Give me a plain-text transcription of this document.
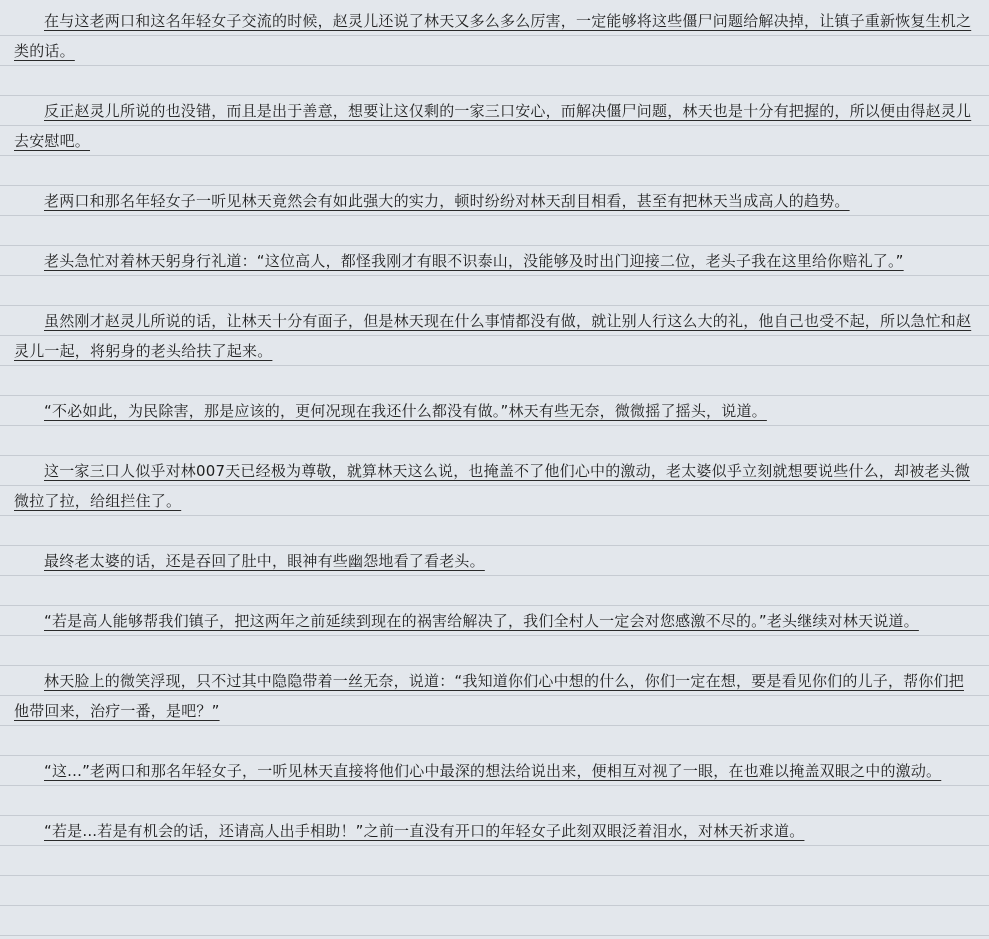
在与这老两口和这名年轻女子交流的时候，赵灵儿还说了林天又多么多么厉害，一定能够将这些僵尸问题给解决掉，让镇子重新恢复生机之类的话。

反正赵灵儿所说的也没错，而且是出于善意，想要让这仅剩的一家三口安心，而解决僵尸问题，林天也是十分有把握的，所以便由得赵灵儿去安慰吧。

老两口和那名年轻女子一听见林天竟然会有如此强大的实力，顿时纷纷对林天刮目相看，甚至有把林天当成高人的趋势。

老头急忙对着林天躬身行礼道：“这位高人，都怪我刚才有眼不识泰山，没能够及时出门迎接二位，老头子我在这里给你赔礼了。”

虽然刚才赵灵儿所说的话，让林天十分有面子，但是林天现在什么事情都没有做，就让别人行这么大的礼，他自己也受不起，所以急忙和赵灵儿一起，将躬身的老头给扶了起来。

“不必如此，为民除害，那是应该的，更何况现在我还什么都没有做。”林天有些无奈，微微摇了摇头，说道。

这一家三口人似乎对林007天已经极为尊敬，就算林天这么说，也掩盖不了他们心中的激动，老太婆似乎立刻就想要说些什么，却被老头微微拉了拉，给组拦住了。

最终老太婆的话，还是吞回了肚中，眼神有些幽怨地看了看老头。

“若是高人能够帮我们镇子，把这两年之前延续到现在的祸害给解决了，我们全村人一定会对您感激不尽的。”老头继续对林天说道。

林天脸上的微笑浮现，只不过其中隐隐带着一丝无奈，说道：“我知道你们心中想的什么，你们一定在想，要是看见你们的儿子，帮你们把他带回来，治疗一番，是吧？”

“这...”老两口和那名年轻女子，一听见林天直接将他们心中最深的想法给说出来，便相互对视了一眼，在也难以掩盖双眼之中的激动。

“若是...若是有机会的话，还请高人出手相助！”之前一直没有开口的年轻女子此刻双眼泛着泪水，对林天祈求道。
